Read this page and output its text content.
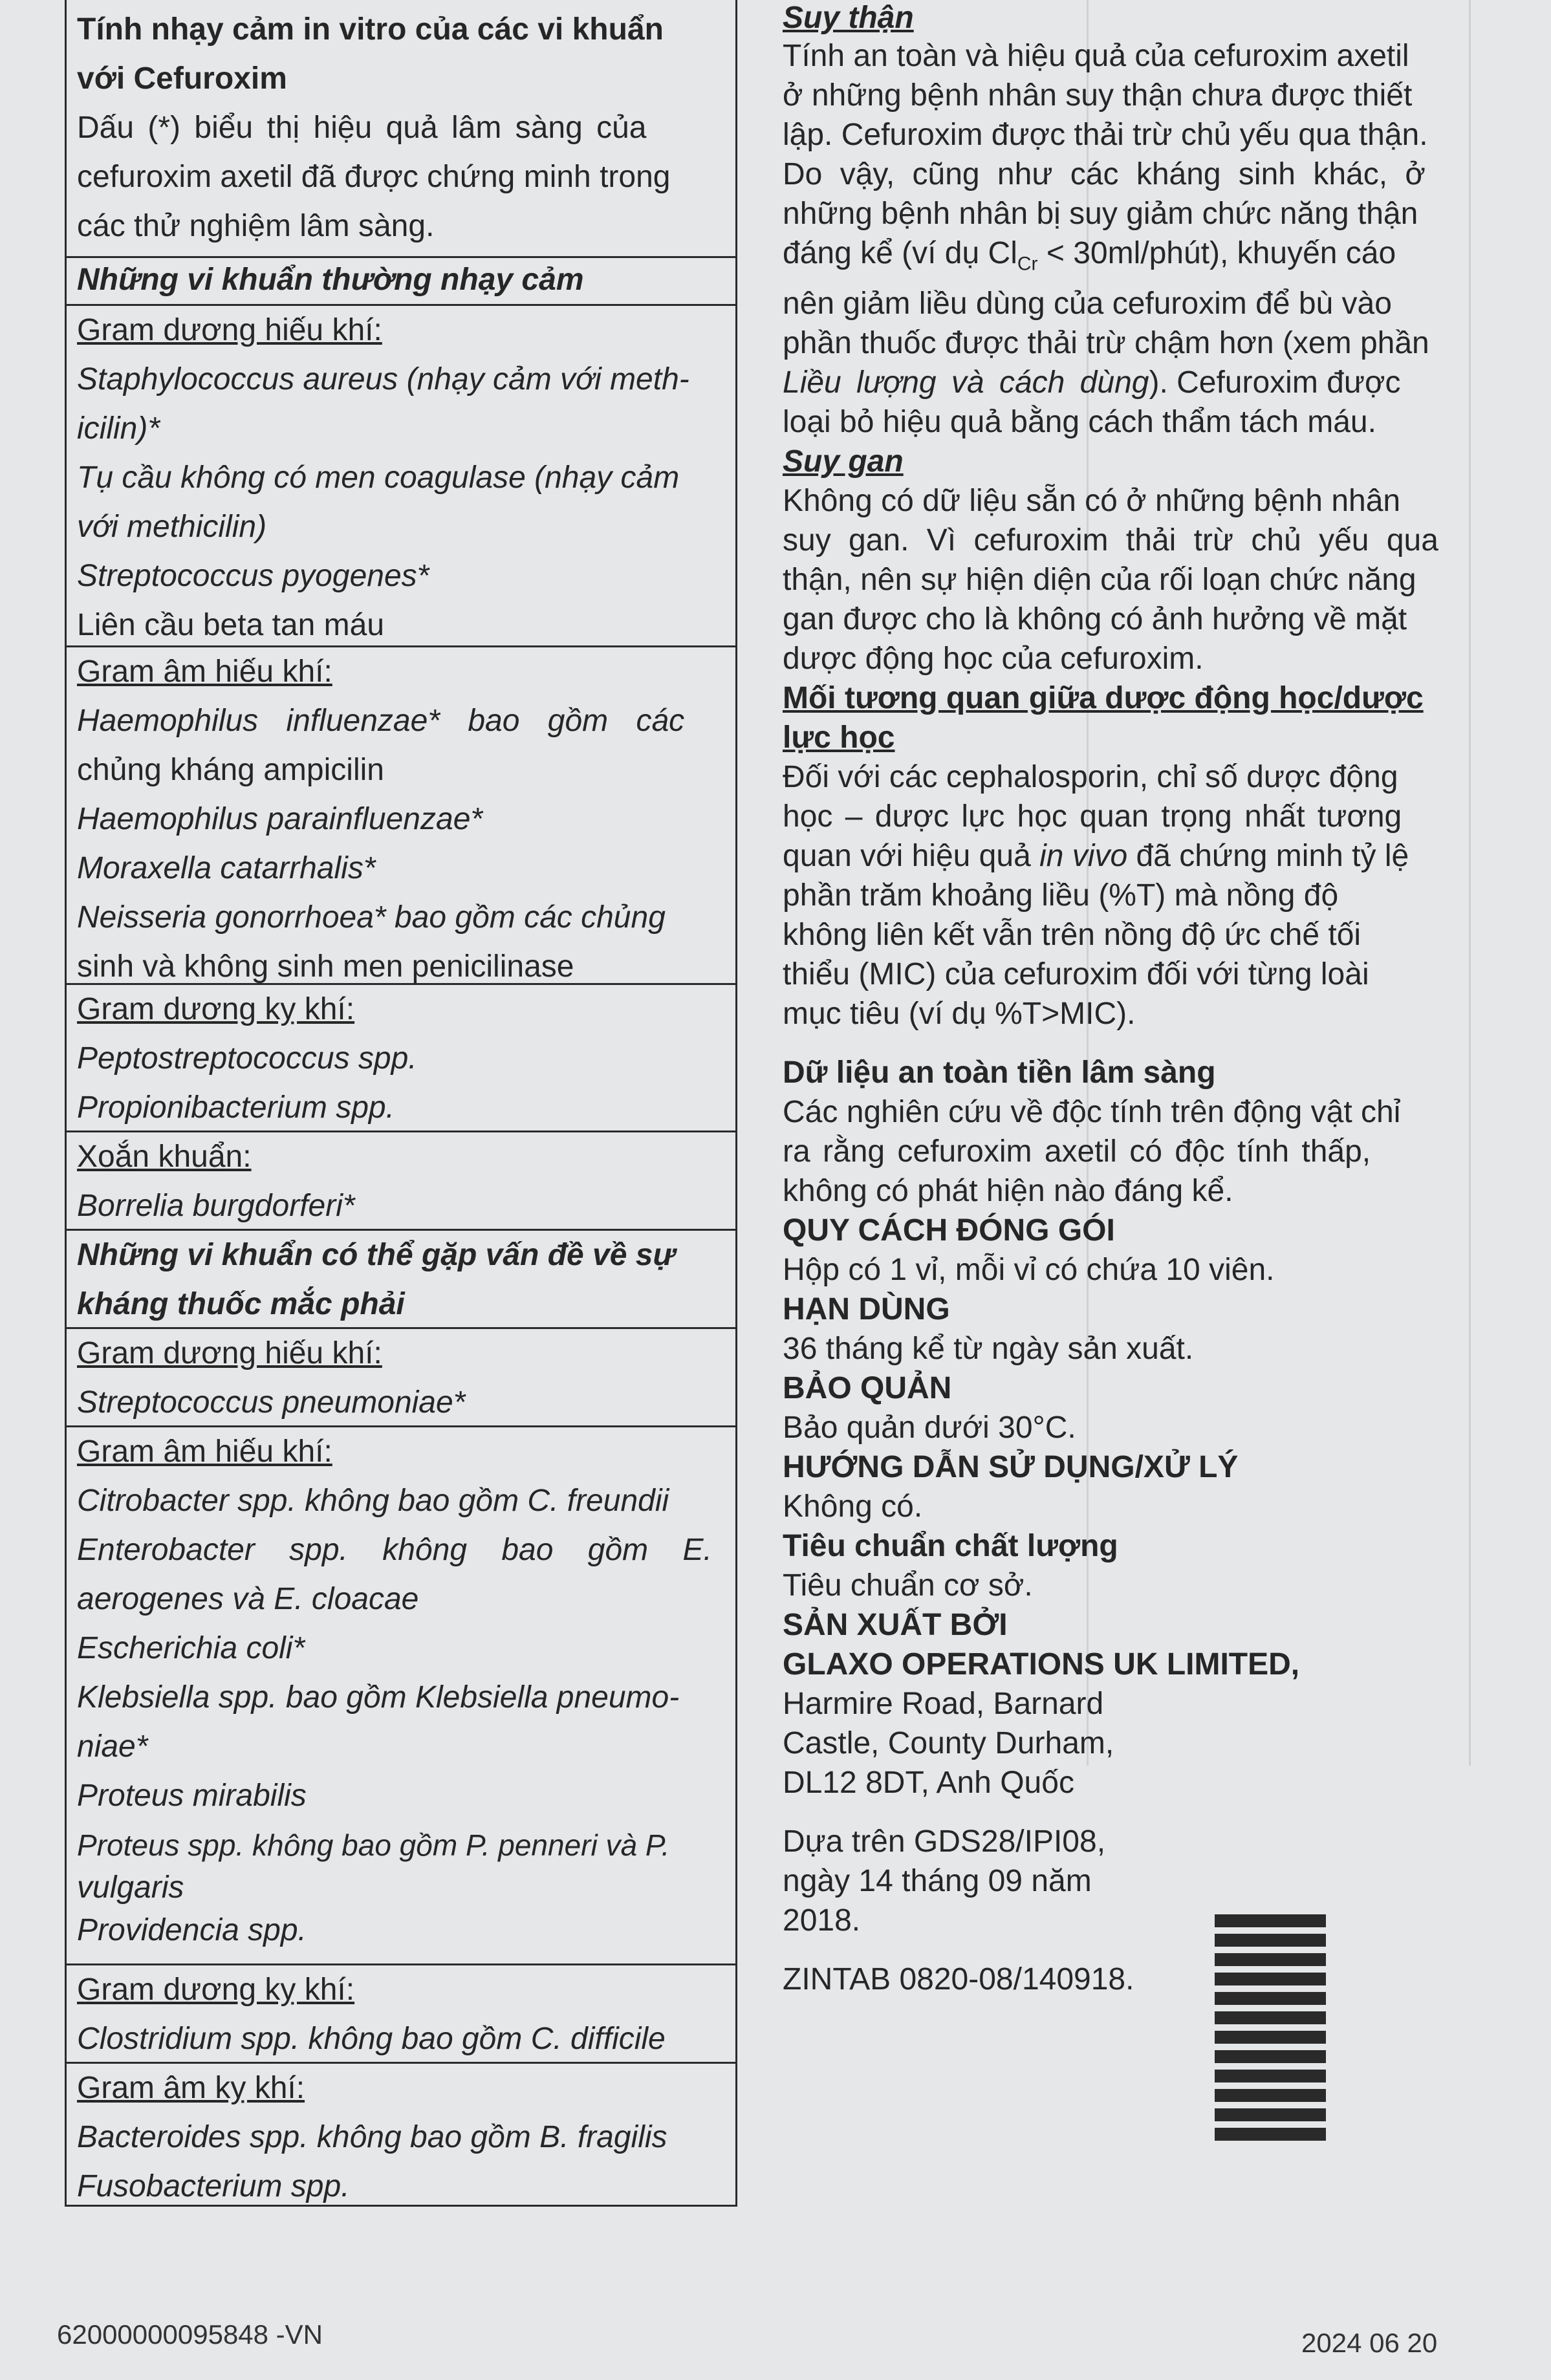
Tính nhạy cảm in vitro của các vi khuẩn
với Cefuroxim
Dấu (*) biểu thị hiệu quả lâm sàng của
cefuroxim axetil đã được chứng minh trong
các thử nghiệm lâm sàng.
Những vi khuẩn thường nhạy cảm
Gram dương hiếu khí:
Staphylococcus aureus (nhạy cảm với meth-
icilin)*
Tụ cầu không có men coagulase (nhạy cảm
với methicilin)
Streptococcus pyogenes*
Liên cầu beta tan máu
Gram âm hiếu khí:
Haemophilus influenzae* bao gồm các
chủng kháng ampicilin
Haemophilus parainfluenzae*
Moraxella catarrhalis*
Neisseria gonorrhoea* bao gồm các chủng
sinh và không sinh men penicilinase
Gram dương kỵ khí:
Peptostreptococcus spp.
Propionibacterium spp.
Xoắn khuẩn:
Borrelia burgdorferi*
Những vi khuẩn có thể gặp vấn đề về sự
kháng thuốc mắc phải
Gram dương hiếu khí:
Streptococcus pneumoniae*
Gram âm hiếu khí:
Citrobacter spp. không bao gồm C. freundii
Enterobacter spp. không bao gồm E.
aerogenes và E. cloacae
Escherichia coli*
Klebsiella spp. bao gồm Klebsiella pneumo-
niae*
Proteus mirabilis
Proteus spp. không bao gồm P. penneri và P.
vulgaris
Providencia spp.
Gram dương kỵ khí:
Clostridium spp. không bao gồm C. difficile
Gram âm kỵ khí:
Bacteroides spp. không bao gồm B. fragilis
Fusobacterium spp.
Suy thận
Tính an toàn và hiệu quả của cefuroxim axetil
ở những bệnh nhân suy thận chưa được thiết
lập. Cefuroxim được thải trừ chủ yếu qua thận.
Do vậy, cũng như các kháng sinh khác, ở
những bệnh nhân bị suy giảm chức năng thận
đáng kể (ví dụ $Cl_{Cr}$ < 30ml/phút), khuyến cáo
nên giảm liều dùng của cefuroxim để bù vào
phần thuốc được thải trừ chậm hơn (xem phần
Liều lượng và cách dùng). Cefuroxim được
loại bỏ hiệu quả bằng cách thẩm tách máu.
Suy gan
Không có dữ liệu sẵn có ở những bệnh nhân
suy gan. Vì cefuroxim thải trừ chủ yếu qua
thận, nên sự hiện diện của rối loạn chức năng
gan được cho là không có ảnh hưởng về mặt
dược động học của cefuroxim.
Mối tương quan giữa dược động học/dược
lực học
Đối với các cephalosporin, chỉ số dược động
học – dược lực học quan trọng nhất tương
quan với hiệu quả in vivo đã chứng minh tỷ lệ
phần trăm khoảng liều (%T) mà nồng độ
không liên kết vẫn trên nồng độ ức chế tối
thiểu (MIC) của cefuroxim đối với từng loài
mục tiêu (ví dụ %T>MIC).
Dữ liệu an toàn tiền lâm sàng
Các nghiên cứu về độc tính trên động vật chỉ
ra rằng cefuroxim axetil có độc tính thấp,
không có phát hiện nào đáng kể.
QUY CÁCH ĐÓNG GÓI
Hộp có 1 vỉ, mỗi vỉ có chứa 10 viên.
HẠN DÙNG
36 tháng kể từ ngày sản xuất.
BẢO QUẢN
Bảo quản dưới 30°C.
HƯỚNG DẪN SỬ DỤNG/XỬ LÝ
Không có.
Tiêu chuẩn chất lượng
Tiêu chuẩn cơ sở.
SẢN XUẤT BỞI
GLAXO OPERATIONS UK LIMITED,
Harmire Road, Barnard
Castle, County Durham,
DL12 8DT, Anh Quốc
Dựa trên GDS28/IPI08,
ngày 14 tháng 09 năm
2018.
ZINTAB 0820-08/140918.
62000000095848 -VN	2024 06 20
